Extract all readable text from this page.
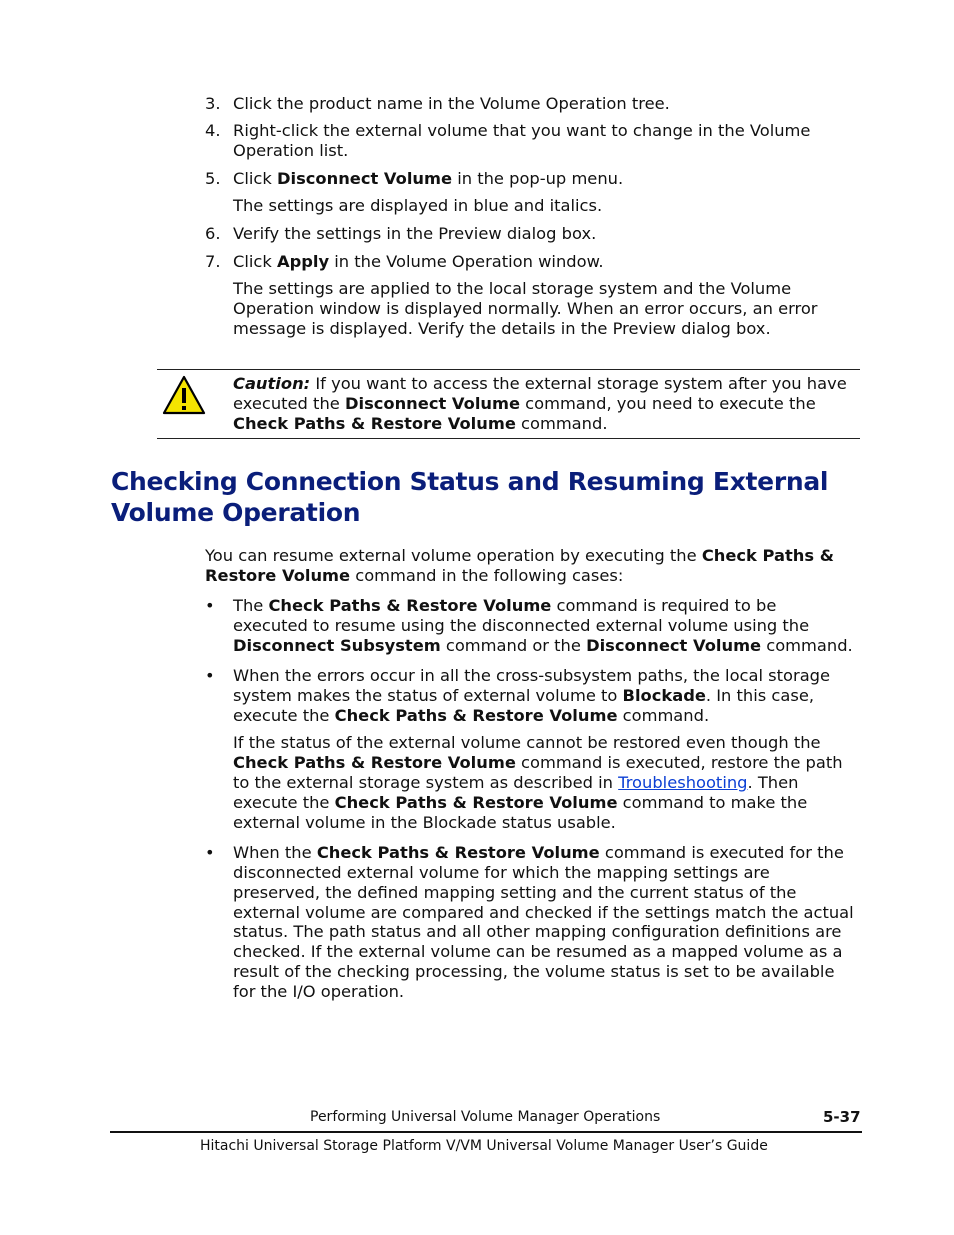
3. Click the product name in the Volume Operation tree.
4. Right-click the external volume that you want to change in the Volume
Operation list.
5. Click Disconnect Volume in the pop-up menu.
The settings are displayed in blue and italics.
6. Verify the settings in the Preview dialog box.
7. Click Apply in the Volume Operation window.
The settings are applied to the local storage system and the Volume
Operation window is displayed normally. When an error occurs, an error
message is displayed. Verify the details in the Preview dialog box.
Caution: If you want to access the external storage system after you have
executed the Disconnect Volume command, you need to execute the
Check Paths & Restore Volume command.
Checking Connection Status and Resuming External
Volume Operation
You can resume external volume operation by executing the Check Paths &
Restore Volume command in the following cases:
• The Check Paths & Restore Volume command is required to be
executed to resume using the disconnected external volume using the
Disconnect Subsystem command or the Disconnect Volume command.
• When the errors occur in all the cross-subsystem paths, the local storage
system makes the status of external volume to Blockade. In this case,
execute the Check Paths & Restore Volume command.
If the status of the external volume cannot be restored even though the
Check Paths & Restore Volume command is executed, restore the path
to the external storage system as described in Troubleshooting. Then
execute the Check Paths & Restore Volume command to make the
external volume in the Blockade status usable.
• When the Check Paths & Restore Volume command is executed for the
disconnected external volume for which the mapping settings are
preserved, the defined mapping setting and the current status of the
external volume are compared and checked if the settings match the actual
status. The path status and all other mapping configuration definitions are
checked. If the external volume can be resumed as a mapped volume as a
result of the checking processing, the volume status is set to be available
for the I/O operation.
Performing Universal Volume Manager Operations	5-37
Hitachi Universal Storage Platform V/VM Universal Volume Manager User’s Guide
